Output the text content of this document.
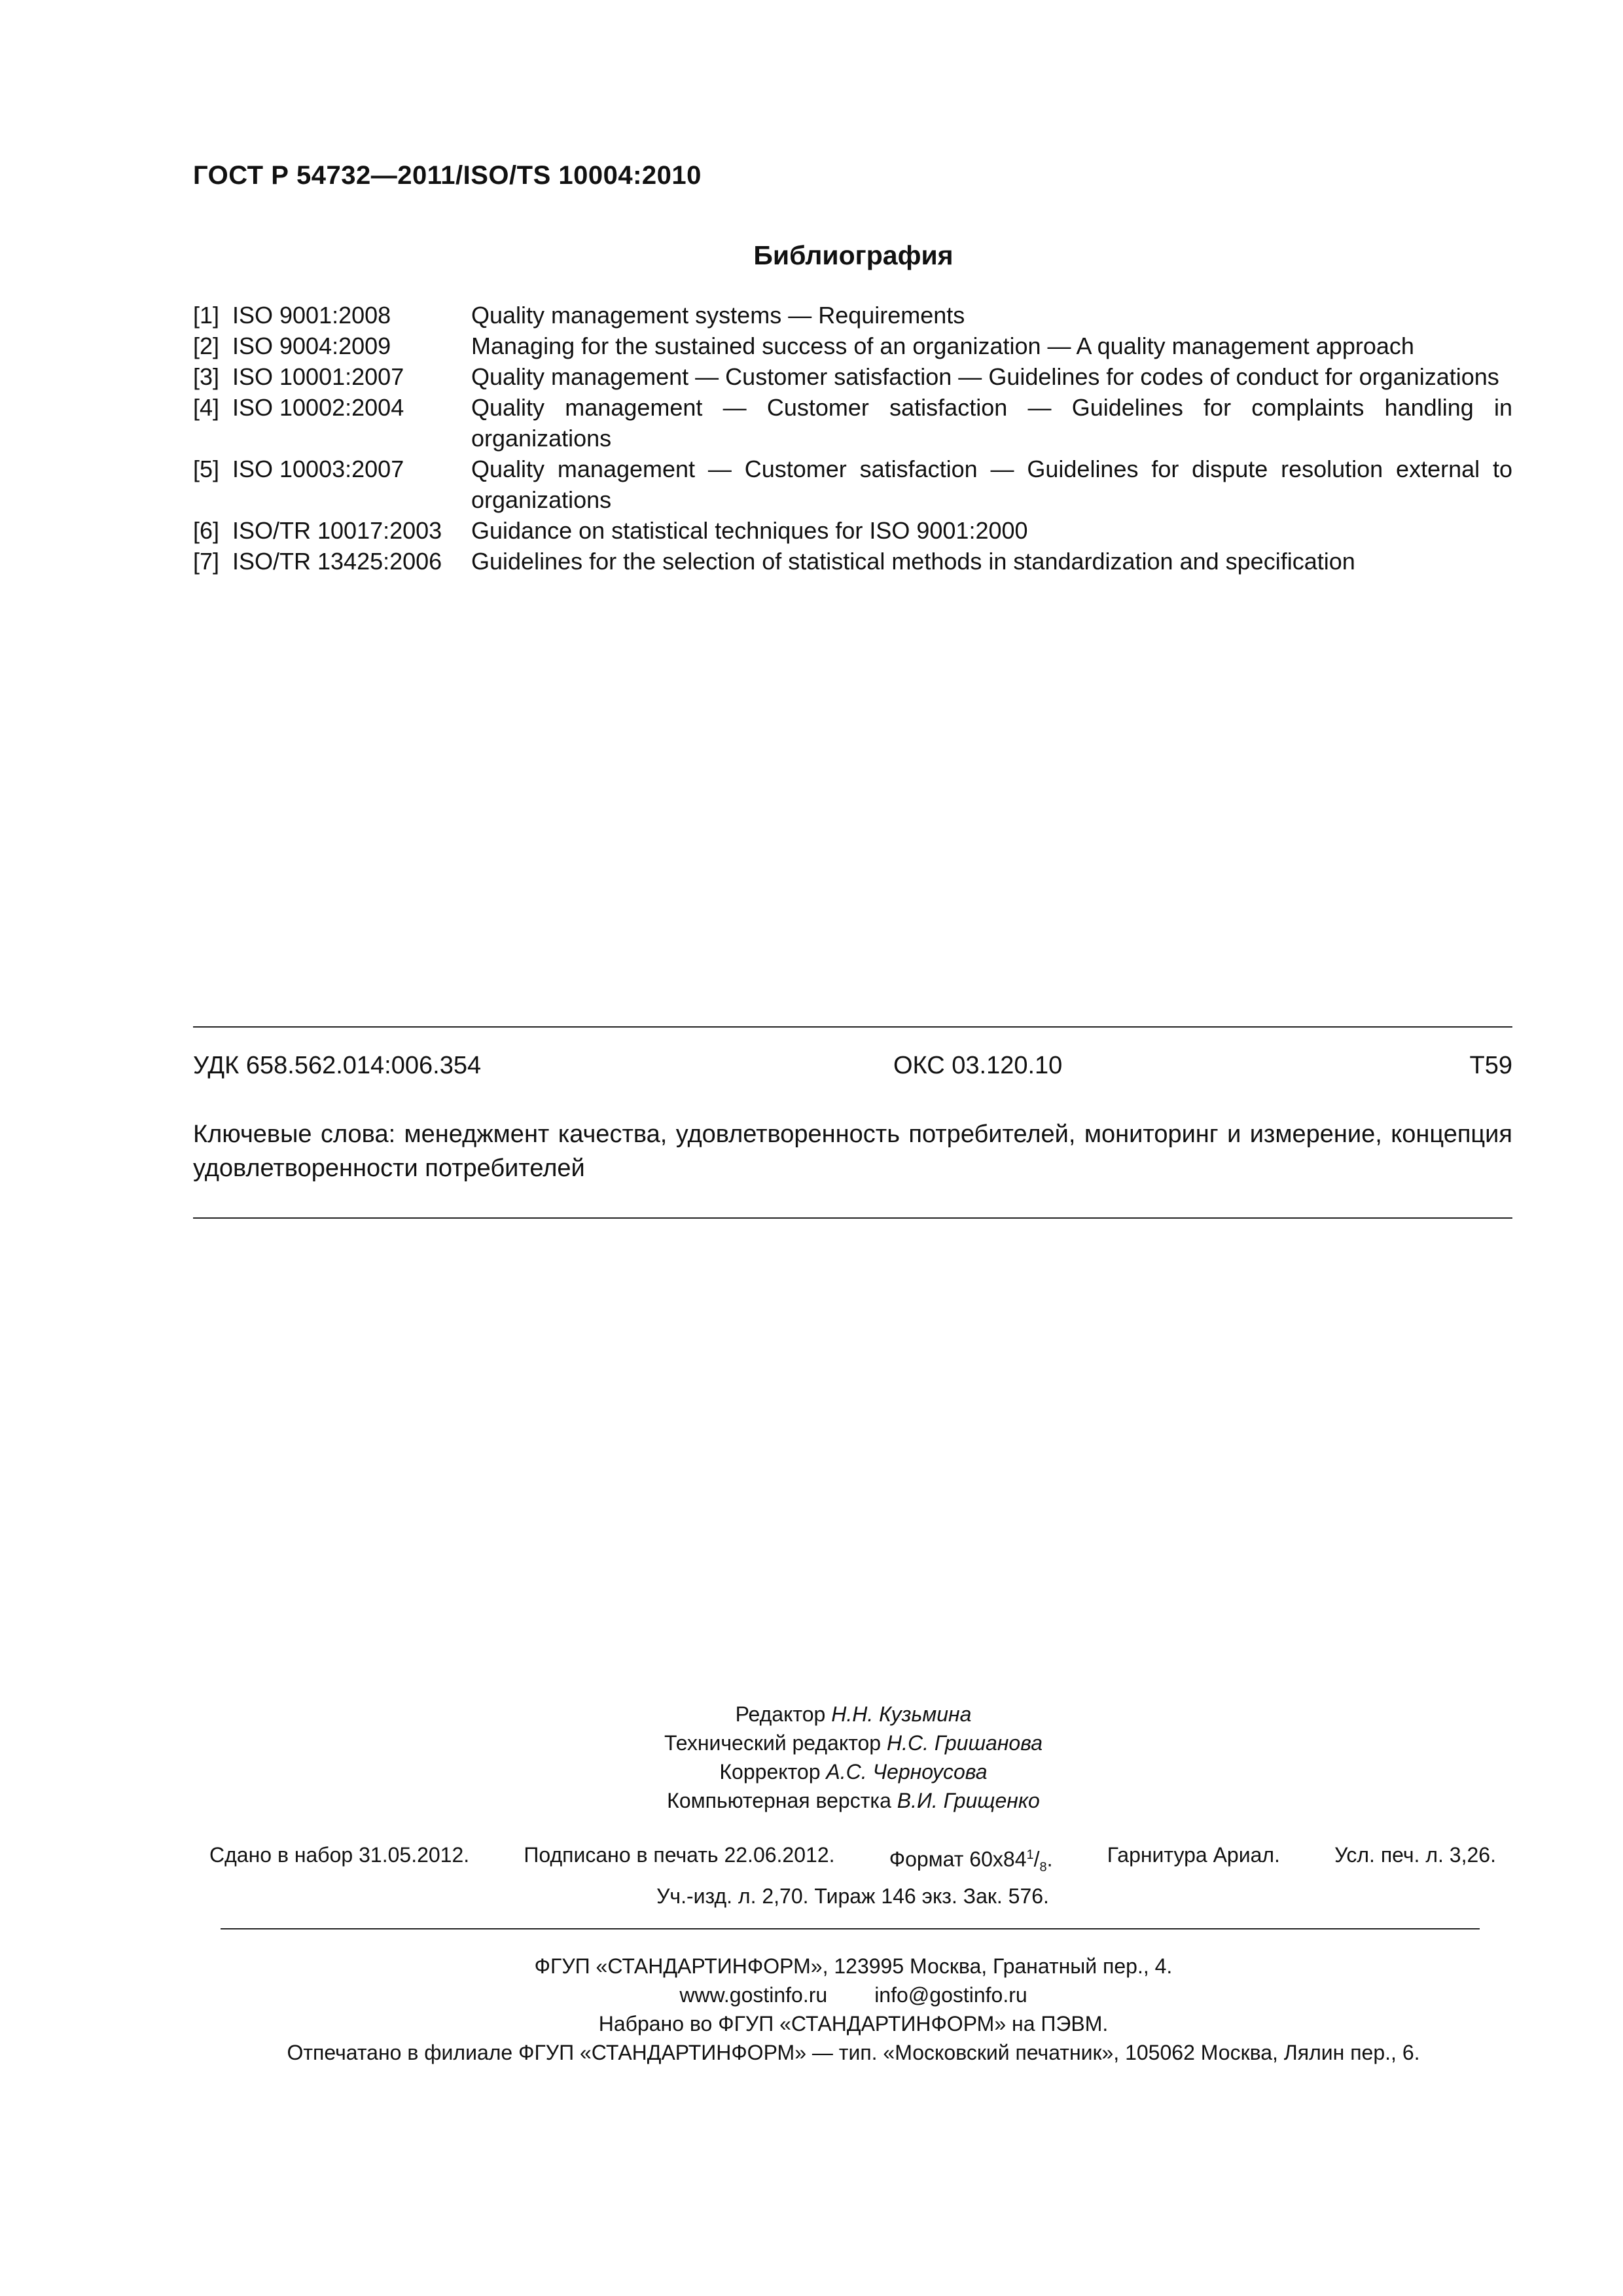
ГОСТ Р 54732—2011/ISO/TS 10004:2010
Библиография
[1] ISO 9001:2008	Quality management systems — Requirements
[2] ISO 9004:2009	Managing for the sustained success of an organization — A quality management approach
[3] ISO 10001:2007	Quality management — Customer satisfaction — Guidelines for codes of conduct for organizations
[4] ISO 10002:2004	Quality management — Customer satisfaction — Guidelines for complaints handling in organizations
[5] ISO 10003:2007	Quality management — Customer satisfaction — Guidelines for dispute resolution external to organizations
[6] ISO/TR 10017:2003	Guidance on statistical techniques for ISO 9001:2000
[7] ISO/TR 13425:2006	Guidelines for the selection of statistical methods in standardization and specification
УДК 658.562.014:006.354	ОКС 03.120.10	Т59
Ключевые слова: менеджмент качества, удовлетворенность потребителей, мониторинг и измерение, концепция удовлетворенности потребителей
Редактор Н.Н. Кузьмина
Технический редактор Н.С. Гришанова
Корректор А.С. Черноусова
Компьютерная верстка В.И. Грищенко
Сдано в набор 31.05.2012.	Подписано в печать 22.06.2012.	Формат $60x84^1/_8$.	Гарнитура Ариал.	Усл. печ. л. 3,26.
Уч.-изд. л. 2,70. Тираж 146 экз. Зак. 576.
ФГУП «СТАНДАРТИНФОРМ», 123995 Москва, Гранатный пер., 4.
www.gostinfo.ru info@gostinfo.ru
Набрано во ФГУП «СТАНДАРТИНФОРМ» на ПЭВМ.
Отпечатано в филиале ФГУП «СТАНДАРТИНФОРМ» — тип. «Московский печатник», 105062 Москва, Лялин пер., 6.
